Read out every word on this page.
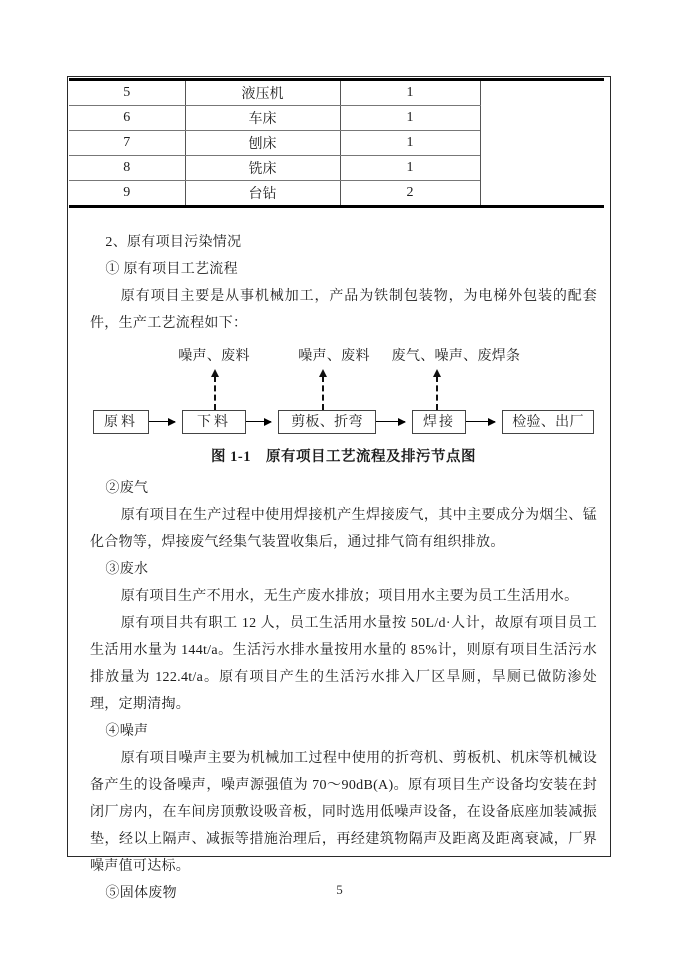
5	液压机	1	
6	车床	1	
7	刨床	1	
8	铣床	1	
9	台钻	2	

2、原有项目污染情况

① 原有项目工艺流程

原有项目主要是从事机械加工，产品为铁制包装物，为电梯外包装的配套件，生产工艺流程如下：

噪声、废料	噪声、废料 废气、噪声、废焊条
原料	下料	剪板、折弯	焊接	检验、出厂
图 1-1　原有项目工艺流程及排污节点图

②废气

原有项目在生产过程中使用焊接机产生焊接废气，其中主要成分为烟尘、锰化合物等，焊接废气经集气装置收集后，通过排气筒有组织排放。

③废水

原有项目生产不用水，无生产废水排放；项目用水主要为员工生活用水。

原有项目共有职工 12 人，员工生活用水量按 50L/d·人计，故原有项目员工生活用水量为 144t/a。生活污水排水量按用水量的 85%计，则原有项目生活污水排放量为 122.4t/a。原有项目产生的生活污水排入厂区旱厕，旱厕已做防渗处理，定期清掏。

④噪声

原有项目噪声主要为机械加工过程中使用的折弯机、剪板机、机床等机械设备产生的设备噪声，噪声源强值为 70～90dB(A)。原有项目生产设备均安装在封闭厂房内，在车间房顶敷设吸音板，同时选用低噪声设备，在设备底座加装减振垫，经以上隔声、减振等措施治理后，再经建筑物隔声及距离及距离衰减，厂界噪声值可达标。

⑤固体废物	5
